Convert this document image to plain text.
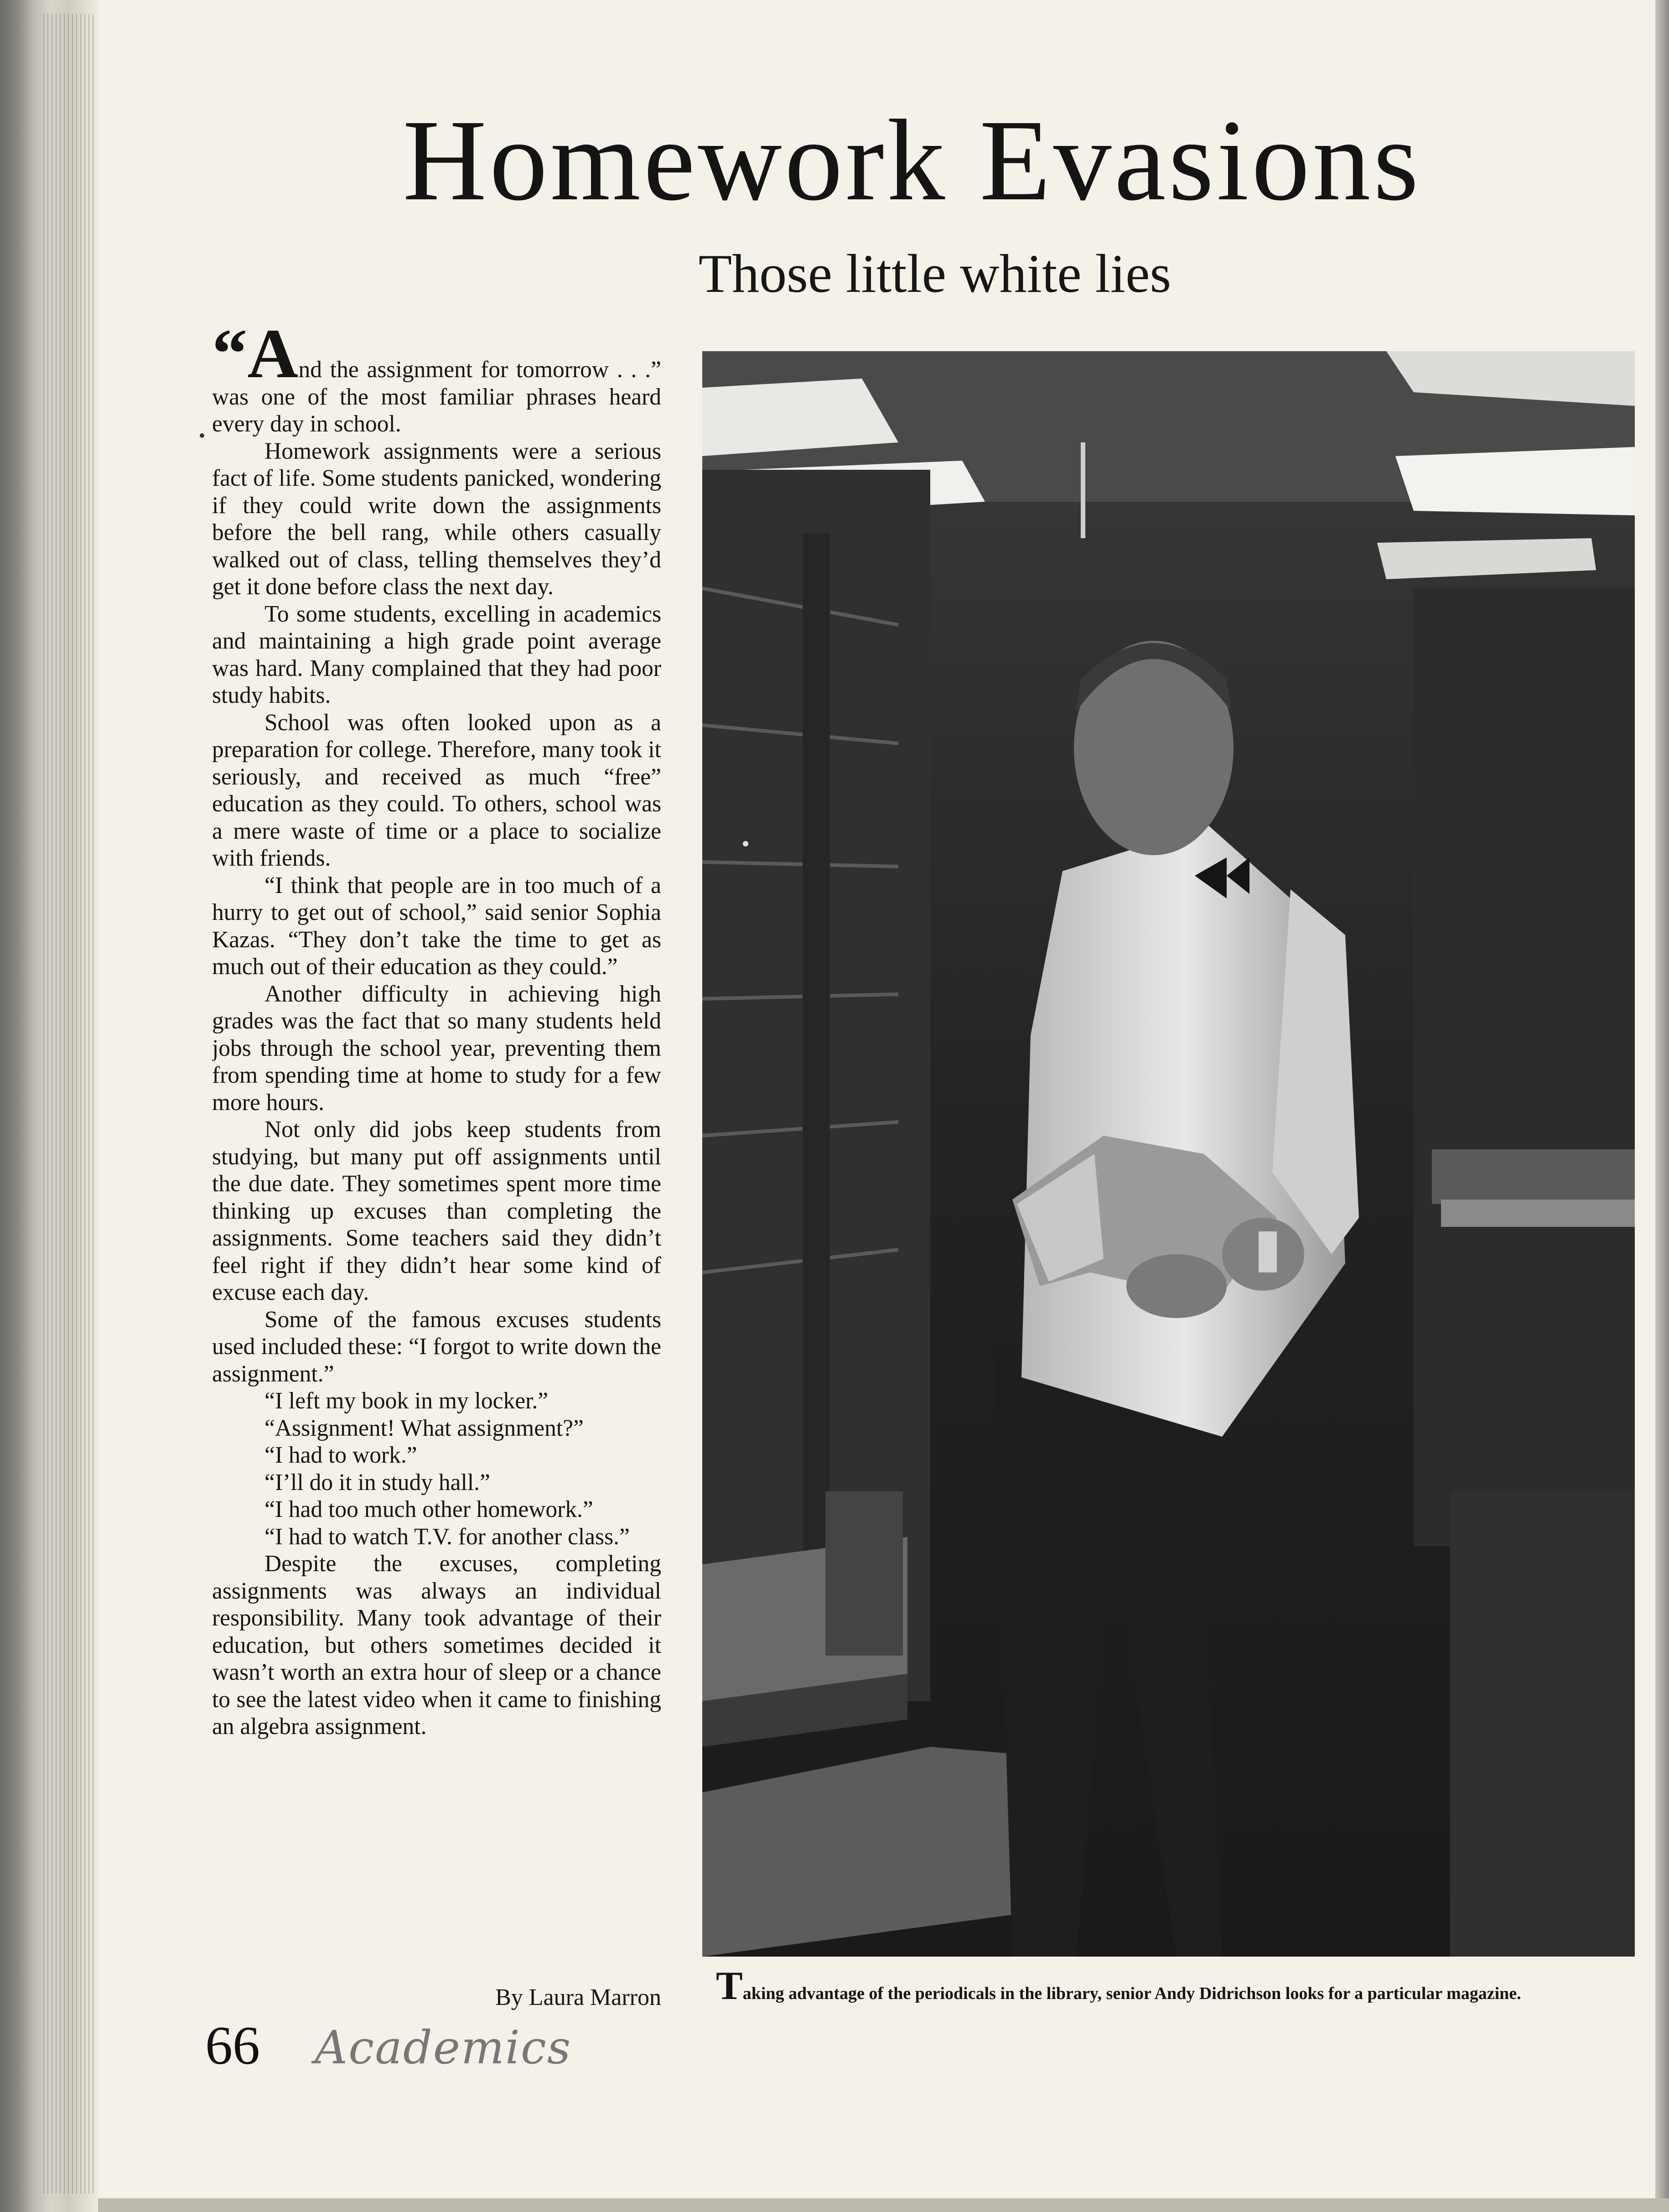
Homework Evasions
Those little white lies

“And the assignment for tomorrow . . .” was one of the most familiar phrases heard every day in school.

Homework assignments were a serious fact of life. Some students panicked, wondering if they could write down the assignments before the bell rang, while others casually walked out of class, telling themselves they’d get it done before class the next day.

To some students, excelling in academics and maintaining a high grade point average was hard. Many complained that they had poor study habits.

School was often looked upon as a preparation for college. Therefore, many took it seriously, and received as much “free” education as they could. To others, school was a mere waste of time or a place to socialize with friends.

“I think that people are in too much of a hurry to get out of school,” said senior Sophia Kazas. “They don’t take the time to get as much out of their education as they could.”

Another difficulty in achieving high grades was the fact that so many students held jobs through the school year, preventing them from spending time at home to study for a few more hours.

Not only did jobs keep students from studying, but many put off assignments until the due date. They sometimes spent more time thinking up excuses than completing the assignments. Some teachers said they didn’t feel right if they didn’t hear some kind of excuse each day.

Some of the famous excuses students used included these: “I forgot to write down the assignment.”

“I left my book in my locker.”

“Assignment! What assignment?”

“I had to work.”

“I’ll do it in study hall.”

“I had too much other homework.”

“I had to watch T.V. for another class.”

Despite the excuses, completing assignments was always an individual responsibility. Many took advantage of their education, but others sometimes decided it wasn’t worth an extra hour of sleep or a chance to see the latest video when it came to finishing an algebra assignment.

By Laura Marron Taking advantage of the periodicals in the library, senior Andy Didrichson looks for a particular magazine.
66 Academics
